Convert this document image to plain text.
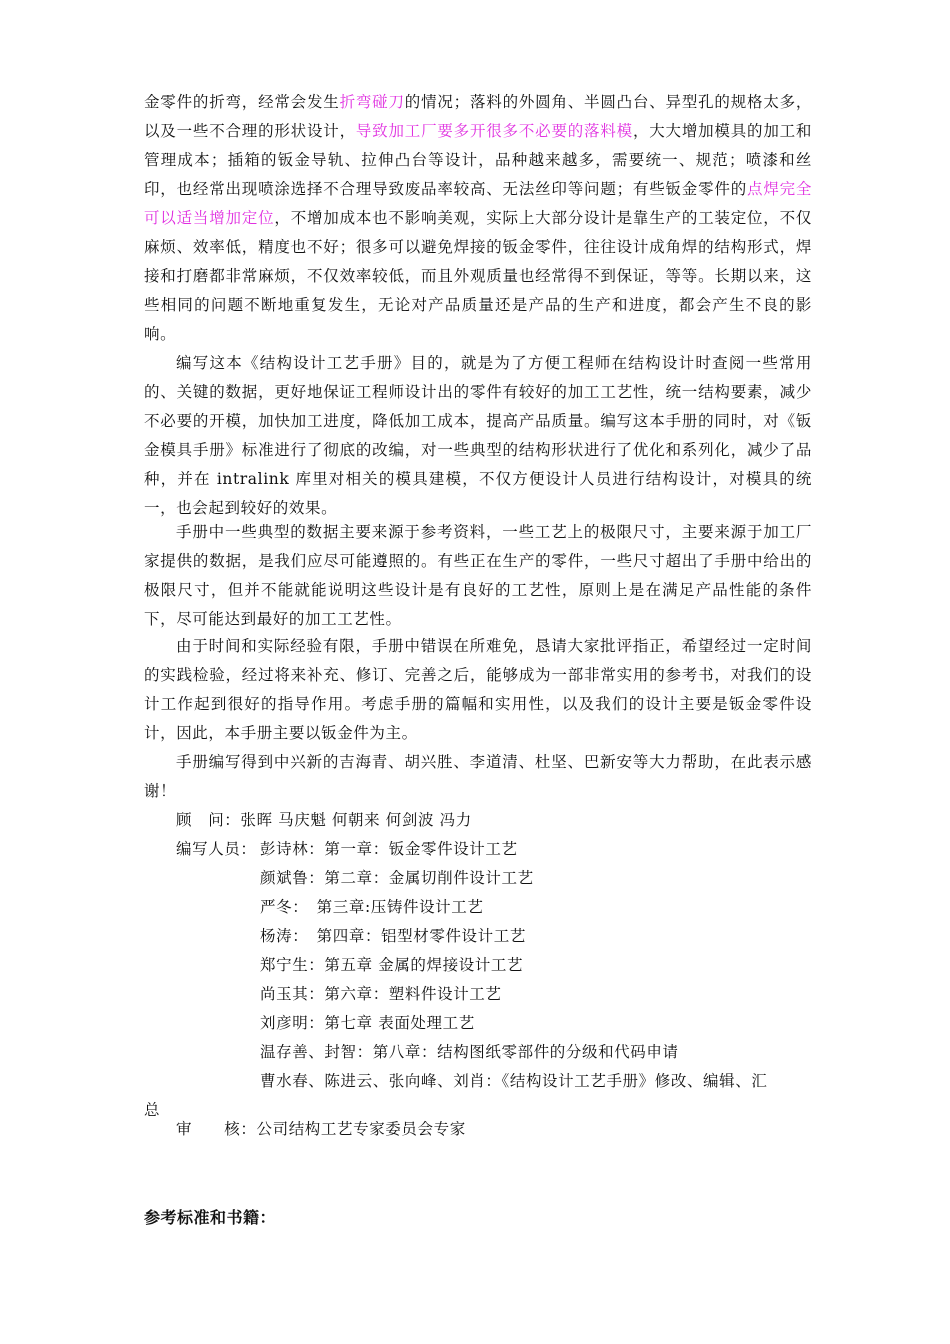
金零件的折弯，经常会发生折弯碰刀的情况；落料的外圆角、半圆凸台、异型孔的规格太多，以及一些不合理的形状设计，导致加工厂要多开很多不必要的落料模，大大增加模具的加工和管理成本；插箱的钣金导轨、拉伸凸台等设计，品种越来越多，需要统一、规范；喷漆和丝印，也经常出现喷涂选择不合理导致废品率较高、无法丝印等问题；有些钣金零件的点焊完全可以适当增加定位，不增加成本也不影响美观，实际上大部分设计是靠生产的工装定位，不仅麻烦、效率低，精度也不好；很多可以避免焊接的钣金零件，往往设计成角焊的结构形式，焊接和打磨都非常麻烦，不仅效率较低，而且外观质量也经常得不到保证，等等。长期以来，这些相同的问题不断地重复发生，无论对产品质量还是产品的生产和进度，都会产生不良的影响。

编写这本《结构设计工艺手册》目的，就是为了方便工程师在结构设计时查阅一些常用的、关键的数据，更好地保证工程师设计出的零件有较好的加工工艺性，统一结构要素，减少不必要的开模，加快加工进度，降低加工成本，提高产品质量。编写这本手册的同时，对《钣金模具手册》标准进行了彻底的改编，对一些典型的结构形状进行了优化和系列化，减少了品种，并在 intralink 库里对相关的模具建模，不仅方便设计人员进行结构设计，对模具的统一，也会起到较好的效果。

手册中一些典型的数据主要来源于参考资料，一些工艺上的极限尺寸，主要来源于加工厂家提供的数据，是我们应尽可能遵照的。有些正在生产的零件，一些尺寸超出了手册中给出的极限尺寸，但并不能就能说明这些设计是有良好的工艺性，原则上是在满足产品性能的条件下，尽可能达到最好的加工工艺性。

由于时间和实际经验有限，手册中错误在所难免，恳请大家批评指正，希望经过一定时间的实践检验，经过将来补充、修订、完善之后，能够成为一部非常实用的参考书，对我们的设计工作起到很好的指导作用。考虑手册的篇幅和实用性，以及我们的设计主要是钣金零件设计，因此，本手册主要以钣金件为主。

手册编写得到中兴新的吉海青、胡兴胜、李道清、杜坚、巴新安等大力帮助，在此表示感谢！

顾　问：张晖 马庆魁 何朝来 何剑波 冯力
编写人员： 彭诗林：第一章：钣金零件设计工艺
颜斌鲁：第二章：金属切削件设计工艺
严冬：　第三章:压铸件设计工艺
杨涛：　第四章：铝型材零件设计工艺
郑宁生：第五章 金属的焊接设计工艺
尚玉其：第六章：塑料件设计工艺
刘彦明：第七章 表面处理工艺
温存善、封智：第八章：结构图纸零部件的分级和代码申请
曹水春、陈进云、张向峰、刘肖：《结构设计工艺手册》修改、编辑、汇
总
审　　核：公司结构工艺专家委员会专家
参考标准和书籍：
